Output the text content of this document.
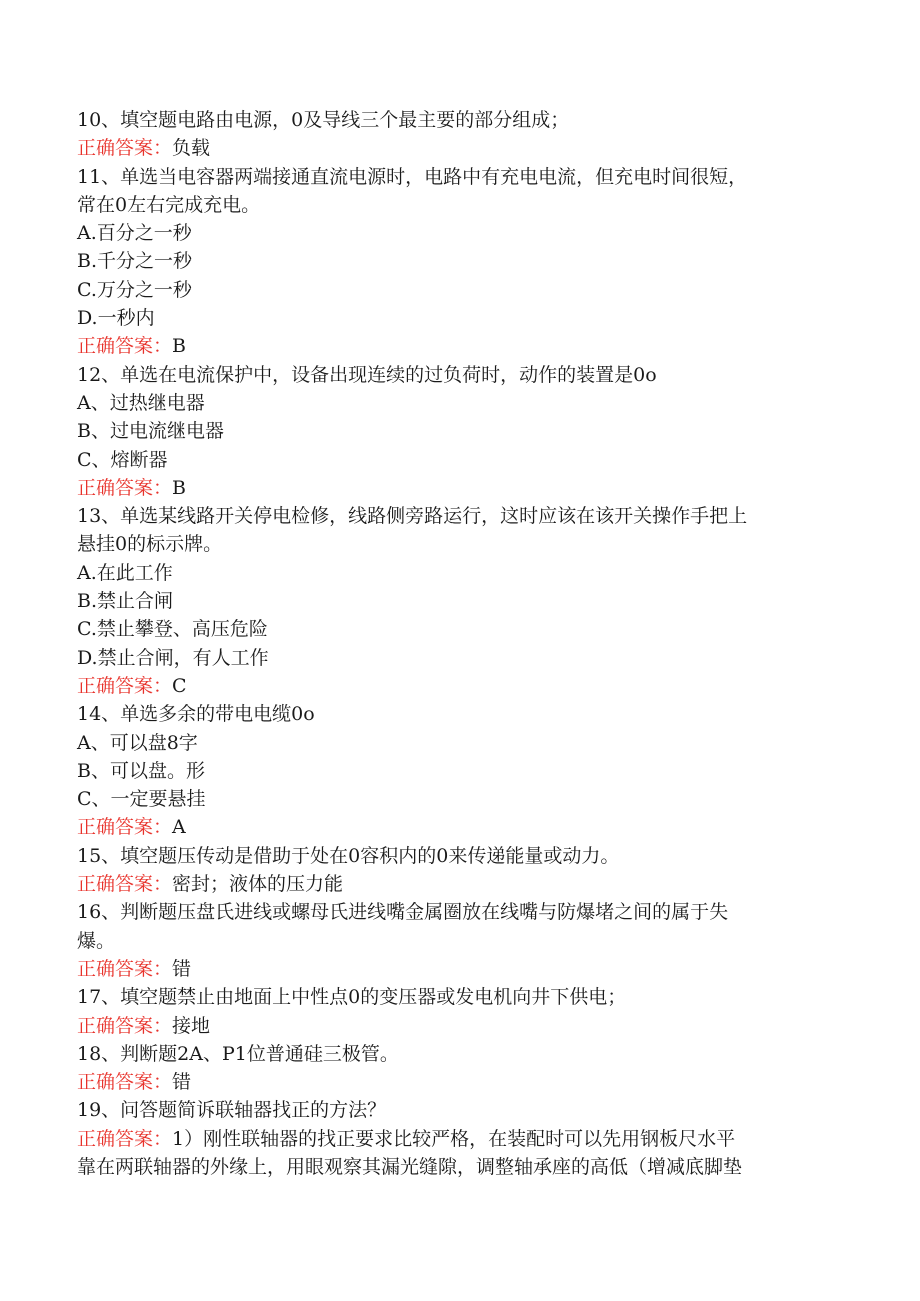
10、填空题电路由电源，0及导线三个最主要的部分组成；
正确答案：负载
11、单选当电容器两端接通直流电源时，电路中有充电电流，但充电时间很短，
常在0左右完成充电。
A.百分之一秒
B.千分之一秒
C.万分之一秒
D.一秒内
正确答案：B
12、单选在电流保护中，设备出现连续的过负荷时，动作的装置是0o
A、过热继电器
B、过电流继电器
C、熔断器
正确答案：B
13、单选某线路开关停电检修，线路侧旁路运行，这时应该在该开关操作手把上
悬挂0的标示牌。
A.在此工作
B.禁止合闸
C.禁止攀登、高压危险
D.禁止合闸，有人工作
正确答案：C
14、单选多余的带电电缆0o
A、可以盘8字
B、可以盘。形
C、一定要悬挂
正确答案：A
15、填空题压传动是借助于处在0容积内的0来传递能量或动力。
正确答案：密封；液体的压力能
16、判断题压盘氏进线或螺母氏进线嘴金属圈放在线嘴与防爆堵之间的属于失
爆。
正确答案：错
17、填空题禁止由地面上中性点0的变压器或发电机向井下供电；
正确答案：接地
18、判断题2A、P1位普通硅三极管。
正确答案：错
19、问答题简诉联轴器找正的方法？
正确答案：1）刚性联轴器的找正要求比较严格，在装配时可以先用钢板尺水平
靠在两联轴器的外缘上，用眼观察其漏光缝隙，调整轴承座的高低（增减底脚垫
